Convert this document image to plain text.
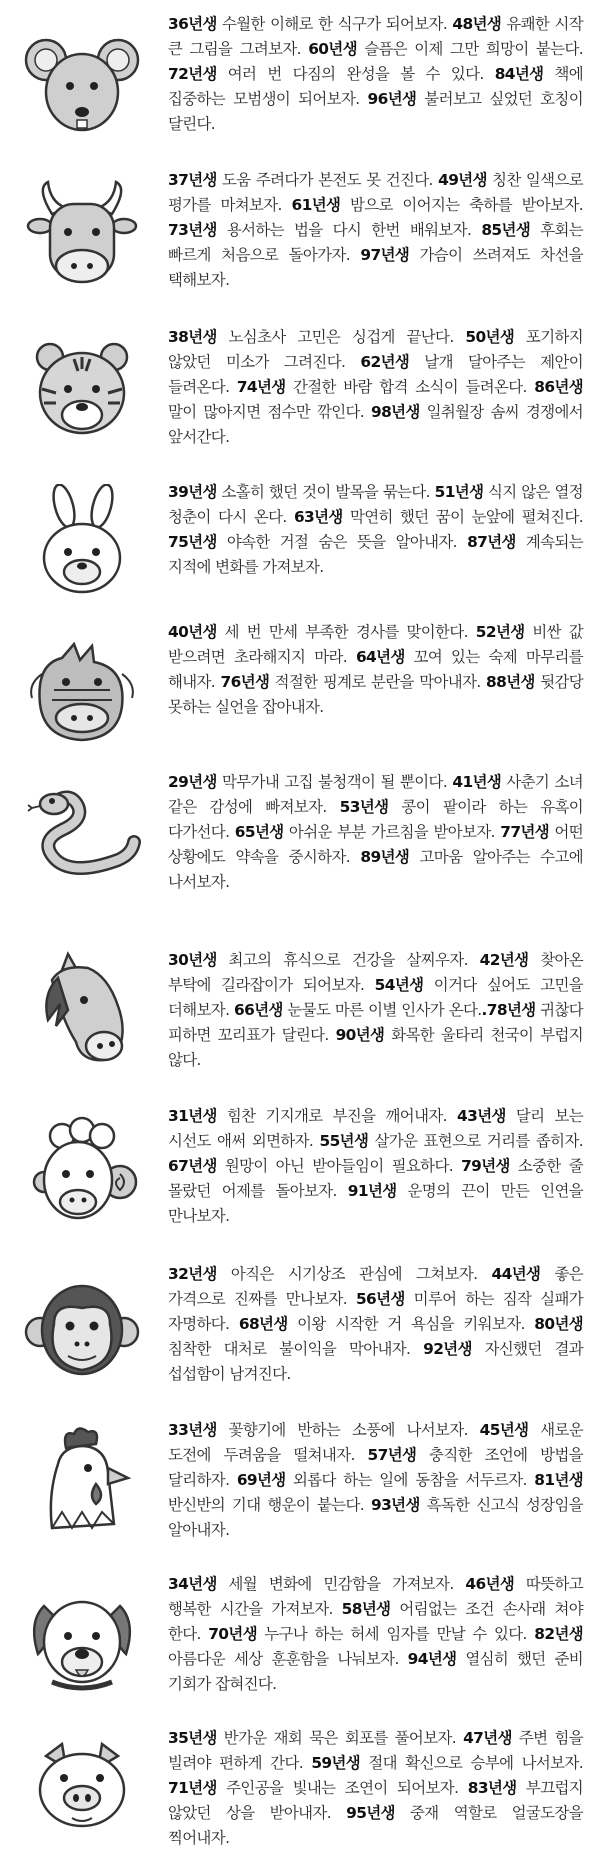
36년생 수월한 이해로 한 식구가 되어보자. 48년생 유쾌한 시작 큰 그림을 그려보자. 60년생 슬픔은 이제 그만 희망이 붙는다. 72년생 여러 번 다짐의 완성을 볼 수 있다. 84년생 책에 집중하는 모범생이 되어보자. 96년생 불러보고 싶었던 호칭이 달린다.
37년생 도움 주려다가 본전도 못 건진다. 49년생 칭찬 일색으로 평가를 마쳐보자. 61년생 밤으로 이어지는 축하를 받아보자. 73년생 용서하는 법을 다시 한번 배워보자. 85년생 후회는 빠르게 처음으로 돌아가자. 97년생 가슴이 쓰려져도 차선을 택해보자.
38년생 노심초사 고민은 싱겁게 끝난다. 50년생 포기하지 않았던 미소가 그려진다. 62년생 날개 달아주는 제안이 들려온다. 74년생 간절한 바람 합격 소식이 들려온다. 86년생 말이 많아지면 점수만 깎인다. 98년생 일취월장 솜씨 경쟁에서 앞서간다.
39년생 소홀히 했던 것이 발목을 묶는다. 51년생 식지 않은 열정 청춘이 다시 온다. 63년생 막연히 했던 꿈이 눈앞에 펼쳐진다. 75년생 야속한 거절 숨은 뜻을 알아내자. 87년생 계속되는 지적에 변화를 가져보자.
40년생 세 번 만세 부족한 경사를 맞이한다. 52년생 비싼 값 받으려면 초라해지지 마라. 64년생 꼬여 있는 숙제 마무리를 해내자. 76년생 적절한 핑계로 분란을 막아내자. 88년생 뒷감당 못하는 실언을 잡아내자.
29년생 막무가내 고집 불청객이 될 뿐이다. 41년생 사춘기 소녀 같은 감성에 빠져보자. 53년생 콩이 팥이라 하는 유혹이 다가선다. 65년생 아쉬운 부분 가르침을 받아보자. 77년생 어떤 상황에도 약속을 중시하자. 89년생 고마움 알아주는 수고에 나서보자.
30년생 최고의 휴식으로 건강을 살찌우자. 42년생 찾아온 부탁에 길라잡이가 되어보자. 54년생 이거다 싶어도 고민을 더해보자. 66년생 눈물도 마른 이별 인사가 온다..78년생 귀찮다 피하면 꼬리표가 달린다. 90년생 화목한 울타리 천국이 부럽지 않다.
31년생 힘찬 기지개로 부진을 깨어내자. 43년생 달리 보는 시선도 애써 외면하자. 55년생 살가운 표현으로 거리를 좁히자. 67년생 원망이 아닌 받아들임이 필요하다. 79년생 소중한 줄 몰랐던 어제를 돌아보자. 91년생 운명의 끈이 만든 인연을 만나보자.
32년생 아직은 시기상조 관심에 그쳐보자. 44년생 좋은 가격으로 진짜를 만나보자. 56년생 미루어 하는 짐작 실패가 자명하다. 68년생 이왕 시작한 거 욕심을 키워보자. 80년생 침착한 대처로 불이익을 막아내자. 92년생 자신했던 결과 섭섭함이 남겨진다.
33년생 꽃향기에 반하는 소풍에 나서보자. 45년생 새로운 도전에 두려움을 떨쳐내자. 57년생 충직한 조언에 방법을 달리하자. 69년생 외롭다 하는 일에 동참을 서두르자. 81년생 반신반의 기대 행운이 붙는다. 93년생 흑독한 신고식 성장임을 알아내자.
34년생 세월 변화에 민감함을 가져보자. 46년생 따뜻하고 행복한 시간을 가져보자. 58년생 어림없는 조건 손사래 쳐야 한다. 70년생 누구나 하는 허세 임자를 만날 수 있다. 82년생 아름다운 세상 훈훈함을 나눠보자. 94년생 열심히 했던 준비 기회가 잡혀진다.
35년생 반가운 재회 묵은 회포를 풀어보자. 47년생 주변 힘을 빌려야 편하게 간다. 59년생 절대 확신으로 승부에 나서보자. 71년생 주인공을 빛내는 조연이 되어보자. 83년생 부끄럽지 않았던 상을 받아내자. 95년생 중재 역할로 얼굴도장을 찍어내자.
